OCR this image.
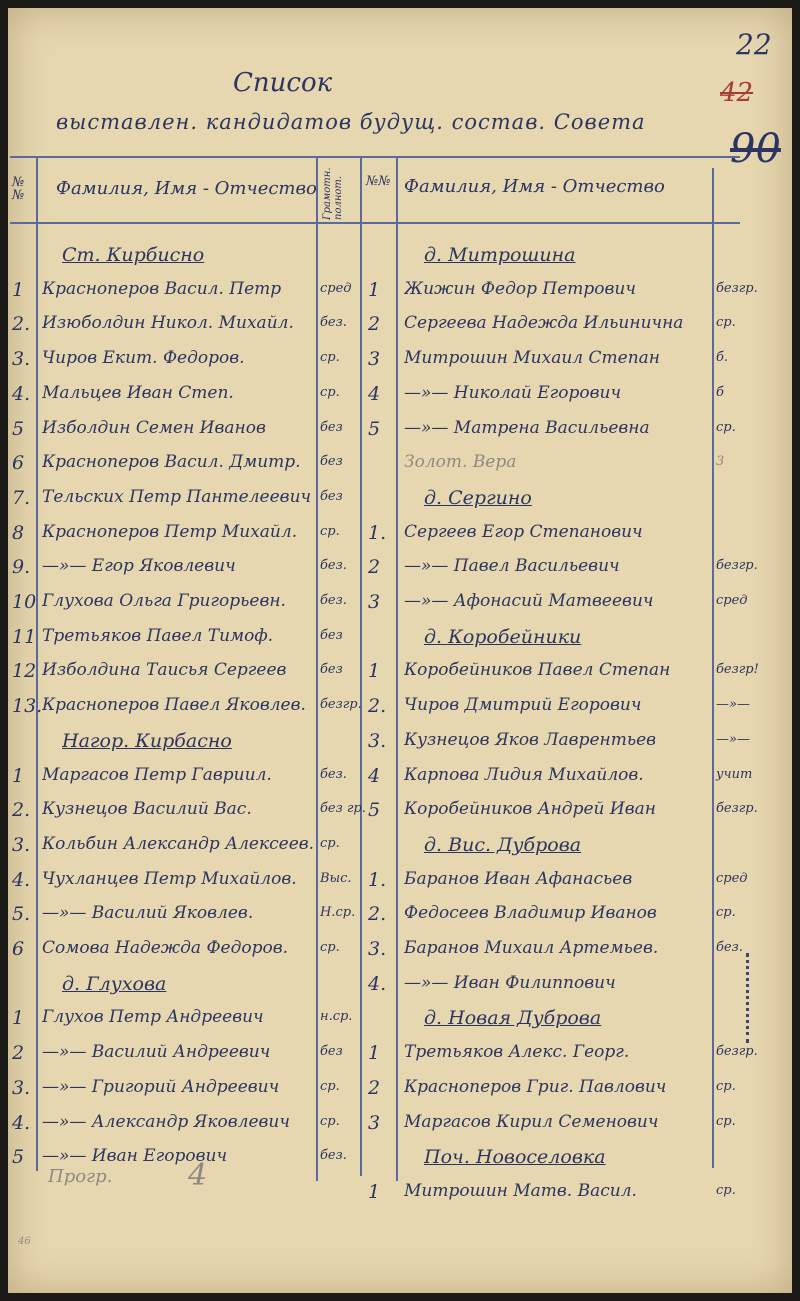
22
42
90
Список
выставлен. кандидатов будущ. состав. Совета
№ №	Фамилия, Имя - Отчество Грамотн. полнот. №№ Фамилия, Имя - Отчество
Ст. Кирбисно
1 Красноперов Васил. Петр	сред
2. Изюболдин Никол. Михайл.	без.
3. Чиров Екит. Федоров.	ср.
4. Мальцев Иван Степ.	ср.
5 Изболдин Семен Иванов	без
6 Красноперов Васил. Дмитр.	без
7. Тельских Петр Пантелеевич без
8 Красноперов Петр Михайл.	ср.
9. —»— Егор Яковлевич	без.
10 Глухова Ольга Григорьевн.	без.
11 Третьяков Павел Тимоф.	без
12 Изболдина Таисья Сергеев	без
13. Красноперов Павел Яковлев.	безгр.
Нагор. Кирбасно
1 Маргасов Петр Гавриил.	без.
2. Кузнецов Василий Вас.	без гр.
3. Кольбин Александр Алексеев. ср.
4. Чухланцев Петр Михайлов.	Выс.
5. —»— Василий Яковлев.	Н.ср.
6 Сомова Надежда Федоров.	ср.
д. Глухова
1 Глухов Петр Андреевич	н.ср.
2 —»— Василий Андреевич	без
3. —»— Григорий Андреевич	ср.
4. —»— Александр Яковлевич	ср.
5 —»— Иван Егорович	без.
д. Митрошина
1 Жижин Федор Петрович	безгр.
2 Сергеева Надежда Ильинична	ср.
3 Митрошин Михаил Степан	б.
4 —»— Николай Егорович	б
5 —»— Матрена Васильевна	ср.
Золот. Вера	3
д. Сергино
1. Сергеев Егор Степанович
2 —»— Павел Васильевич	безгр.
3 —»— Афонасий Матвеевич	сред
д. Коробейники
1 Коробейников Павел Степан	безгр!
2. Чиров Дмитрий Егорович	—»—
3. Кузнецов Яков Лаврентьев	—»—
4 Карпова Лидия Михайлов.	учит
5 Коробейников Андрей Иван	безгр.
д. Вис. Дуброва
1. Баранов Иван Афанасьев	сред
2. Федосеев Владимир Иванов	ср.
3. Баранов Михаил Артемьев.	без.
4. —»— Иван Филиппович
д. Новая Дуброва
1 Третьяков Алекс. Георг.	безгр.
2 Красноперов Григ. Павлович	ср.
3 Маргасов Кирил Семенович	ср.
Поч. Новоселовка
1 Митрошин Матв. Васил.	ср.
Прогр.	4
46
